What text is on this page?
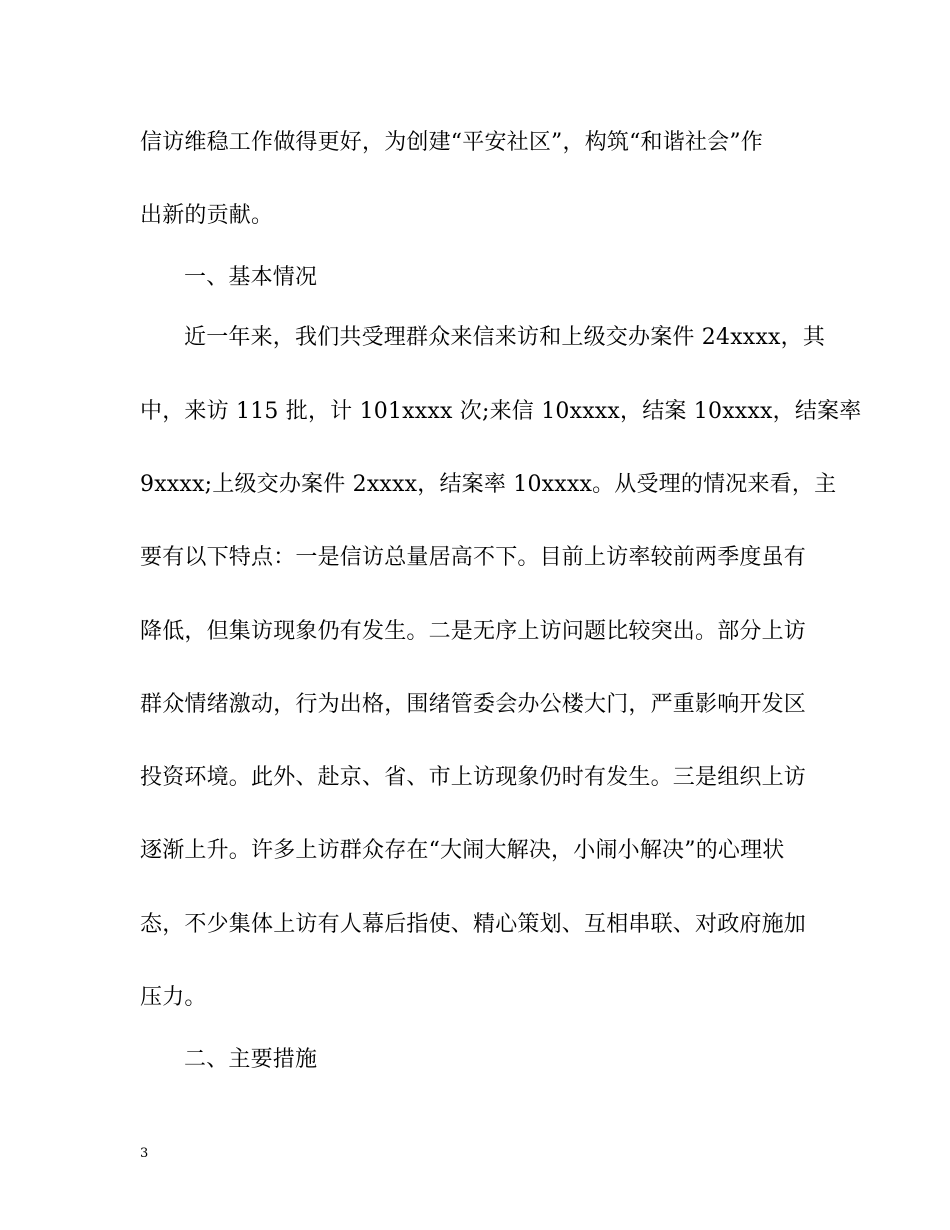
信访维稳工作做得更好，为创建“平安社区”，构筑“和谐社会”作
出新的贡献。
一、基本情况
近一年来，我们共受理群众来信来访和上级交办案件 24xxxx，其
中，来访 115 批，计 101xxxx 次;来信 10xxxx，结案 10xxxx，结案率
9xxxx;上级交办案件 2xxxx，结案率 10xxxx。从受理的情况来看，主
要有以下特点：一是信访总量居高不下。目前上访率较前两季度虽有
降低，但集访现象仍有发生。二是无序上访问题比较突出。部分上访
群众情绪激动，行为出格，围绪管委会办公楼大门，严重影响开发区
投资环境。此外、赴京、省、市上访现象仍时有发生。三是组织上访
逐渐上升。许多上访群众存在“大闹大解决，小闹小解决”的心理状
态，不少集体上访有人幕后指使、精心策划、互相串联、对政府施加
压力。
二、主要措施
3
